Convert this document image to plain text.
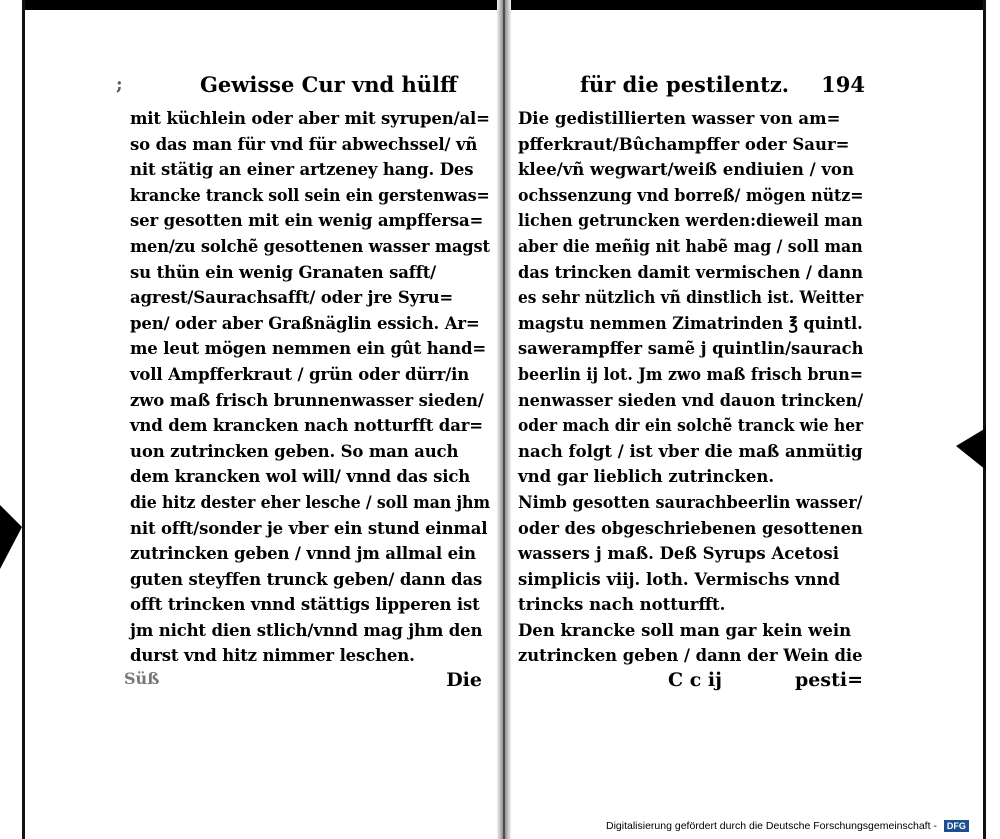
;	Gewisse Cur vnd hülff
mit küchlein oder aber mit syrupen/al=
so das man für vnd für abwechssel/ vñ
nit stätig an einer artzeney hang. Des
krancke tranck soll sein ein gerstenwas=
ser gesotten mit ein wenig ampffersa=
men/zu solchẽ gesottenen wasser magst
su thün ein wenig Granaten safft/
agrest/Saurachsafft/ oder jre Syru=
pen/ oder aber Graßnäglin essich. Ar=
me leut mögen nemmen ein gût hand=
voll Ampfferkraut / grün oder dürr/in
zwo maß frisch brunnenwasser sieden/
vnd dem krancken nach notturfft dar=
uon zutrincken geben. So man auch
dem krancken wol will/ vnnd das sich
die hitz dester eher lesche / soll man jhm
nit offt/sonder je vber ein stund einmal
zutrincken geben / vnnd jm allmal ein
guten steyffen trunck geben/ dann das
offt trincken vnnd stättigs lipperen ist
jm nicht dien stlich/vnnd mag jhm den
durst vnd hitz nimmer leschen.
Süß	Die
für die pestilentz. 194
Die gedistillierten wasser von am=
pfferkraut/Bûchampffer oder Saur=
klee/vñ wegwart/weiß endiuien / von
ochssenzung vnd borreß/ mögen nütz=
lichen getruncken werden:dieweil man
aber die meñig nit habẽ mag / soll man
das trincken damit vermischen / dann
es sehr nützlich vñ dinstlich ist. Weitter
magstu nemmen Zimatrinden ℥ quintl.
sawerampffer samẽ j quintlin/saurach
beerlin ij lot. Jm zwo maß frisch brun=
nenwasser sieden vnd dauon trincken/
oder mach dir ein solchẽ tranck wie her
nach folgt / ist vber die maß anmütig
vnd gar lieblich zutrincken.
Nimb gesotten saurachbeerlin wasser/
oder des obgeschriebenen gesottenen
wassers j maß. Deß Syrups Acetosi
simplicis viij. loth. Vermischs vnnd
trincks nach notturfft.
Den krancke soll man gar kein wein
zutrincken geben / dann der Wein die
C c ij	pesti=
Digitalisierung gefördert durch die Deutsche Forschungsgemeinschaft - DFG
